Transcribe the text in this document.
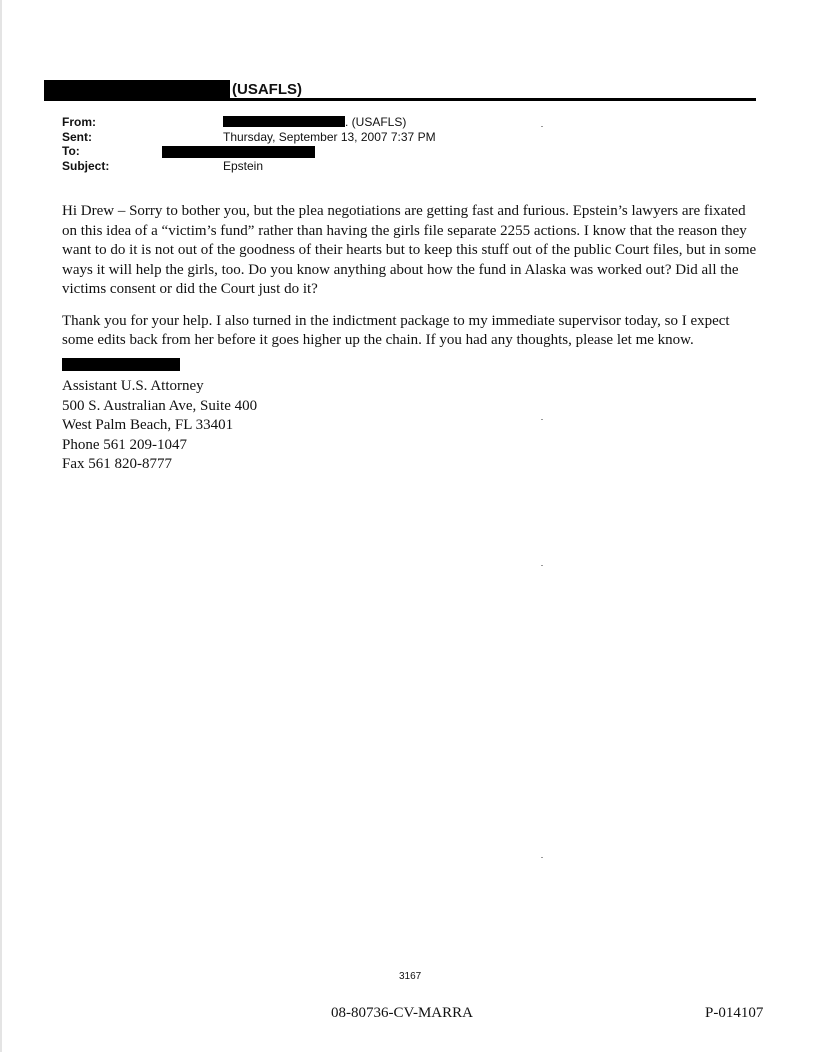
(USAFLS)
From:	. (USAFLS)
Sent:	Thursday, September 13, 2007 7:37 PM
To:
Subject:	Epstein

Hi Drew – Sorry to bother you, but the plea negotiations are getting fast and furious. Epstein’s lawyers are fixated on this idea of a “victim’s fund” rather than having the girls file separate 2255 actions. I know that the reason they want to do it is not out of the goodness of their hearts but to keep this stuff out of the public Court files, but in some ways it will help the girls, too. Do you know anything about how the fund in Alaska was worked out? Did all the victims consent or did the Court just do it?

Thank you for your help. I also turned in the indictment package to my immediate supervisor today, so I expect some edits back from her before it goes higher up the chain. If you had any thoughts, please let me know.

Assistant U.S. Attorney
500 S. Australian Ave, Suite 400
West Palm Beach, FL 33401
Phone 561 209-1047
Fax 561 820-8777
3167
08-80736-CV-MARRA	P-014107
